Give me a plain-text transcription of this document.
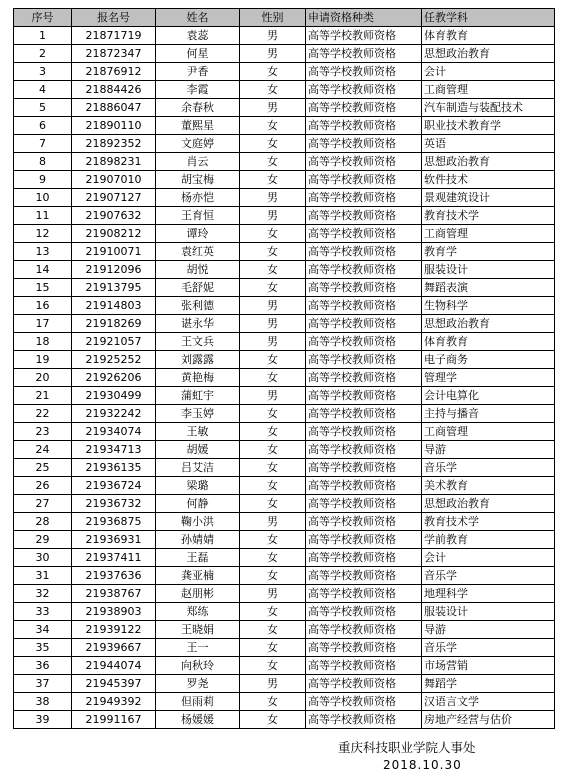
序号	报名号	姓名	性别	申请资格种类	任教学科
1	21871719	袁蕊	男	高等学校教师资格	体育教育
2	21872347	何星	男	高等学校教师资格	思想政治教育
3	21876912	尹香	女	高等学校教师资格	会计
4	21884426	李霞	女	高等学校教师资格	工商管理
5	21886047	余春秋	男	高等学校教师资格	汽车制造与装配技术
6	21890110	董熙星	女	高等学校教师资格	职业技术教育学
7	21892352	文庭婷	女	高等学校教师资格	英语
8	21898231	肖云	女	高等学校教师资格	思想政治教育
9	21907010	胡宝梅	女	高等学校教师资格	软件技术
10	21907127	杨亦恺	男	高等学校教师资格	景观建筑设计
11	21907632	王育恒	男	高等学校教师资格	教育技术学
12	21908212	谭玲	女	高等学校教师资格	工商管理
13	21910071	袁红英	女	高等学校教师资格	教育学
14	21912096	胡悦	女	高等学校教师资格	服装设计
15	21913795	毛舒妮	女	高等学校教师资格	舞蹈表演
16	21914803	张利德	男	高等学校教师资格	生物科学
17	21918269	谌永华	男	高等学校教师资格	思想政治教育
18	21921057	王文兵	男	高等学校教师资格	体育教育
19	21925252	刘露露	女	高等学校教师资格	电子商务
20	21926206	黄艳梅	女	高等学校教师资格	管理学
21	21930499	蒲虹宇	男	高等学校教师资格	会计电算化
22	21932242	李玉婷	女	高等学校教师资格	主持与播音
23	21934074	王敏	女	高等学校教师资格	工商管理
24	21934713	胡媛	女	高等学校教师资格	导游
25	21936135	吕艾洁	女	高等学校教师资格	音乐学
26	21936724	梁璐	女	高等学校教师资格	美术教育
27	21936732	何静	女	高等学校教师资格	思想政治教育
28	21936875	鞠小洪	男	高等学校教师资格	教育技术学
29	21936931	孙婧婧	女	高等学校教师资格	学前教育
30	21937411	王磊	女	高等学校教师资格	会计
31	21937636	龚亚楠	女	高等学校教师资格	音乐学
32	21938767	赵朋彬	男	高等学校教师资格	地理科学
33	21938903	郑练	女	高等学校教师资格	服装设计
34	21939122	王晓娟	女	高等学校教师资格	导游
35	21939667	王一	女	高等学校教师资格	音乐学
36	21944074	向秋玲	女	高等学校教师资格	市场营销
37	21945397	罗尧	男	高等学校教师资格	舞蹈学
38	21949392	但雨莉	女	高等学校教师资格	汉语言文学
39	21991167	杨媛媛	女	高等学校教师资格	房地产经营与估价
重庆科技职业学院人事处
2018.10.30
